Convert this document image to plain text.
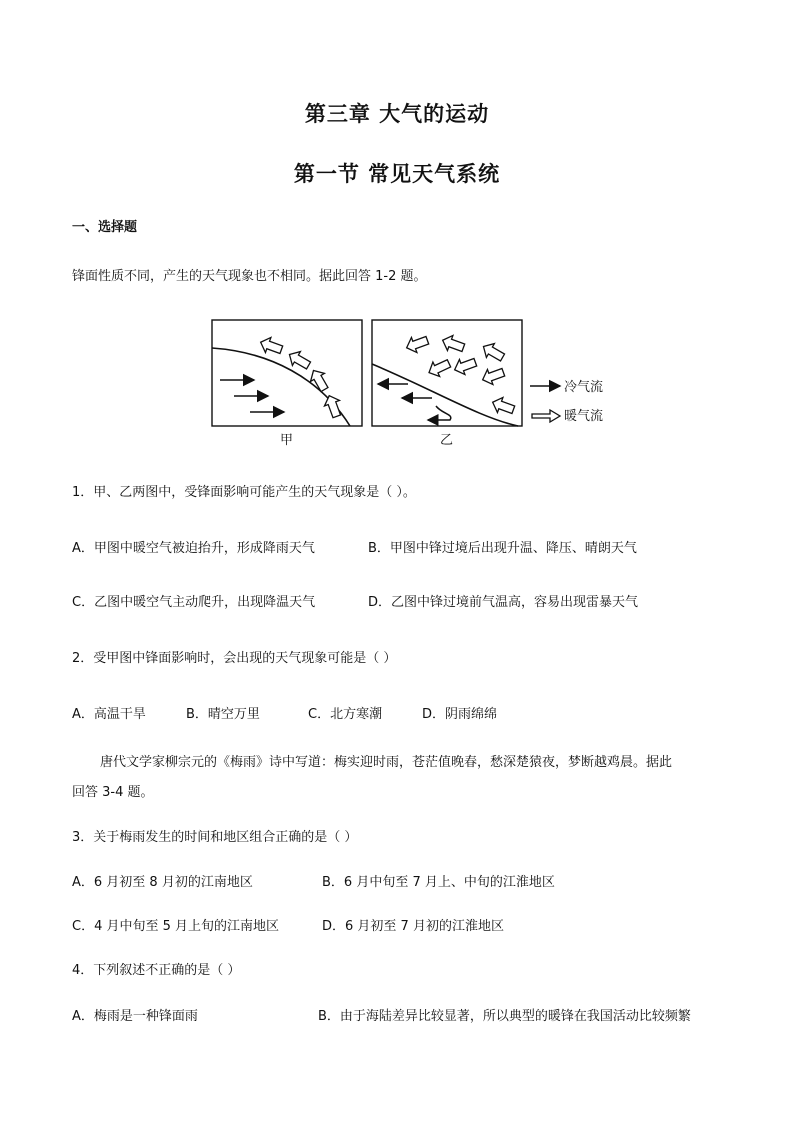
第三章 大气的运动
第一节 常见天气系统
一、选择题
锋面性质不同，产生的天气现象也不相同。据此回答 1-2 题。
甲	乙
冷气流
暖气流
1．甲、乙两图中，受锋面影响可能产生的天气现象是（ ）。
A．甲图中暖空气被迫抬升，形成降雨天气	B．甲图中锋过境后出现升温、降压、晴朗天气
C．乙图中暖空气主动爬升，出现降温天气	D．乙图中锋过境前气温高，容易出现雷暴天气
2．受甲图中锋面影响时，会出现的天气现象可能是（ ）
A．高温干旱	B．晴空万里	C．北方寒潮	D．阴雨绵绵
唐代文学家柳宗元的《梅雨》诗中写道：梅实迎时雨，苍茫值晚春，愁深楚猿夜，梦断越鸡晨。据此
回答 3-4 题。
3．关于梅雨发生的时间和地区组合正确的是（ ）
A．6 月初至 8 月初的江南地区	B．6 月中旬至 7 月上、中旬的江淮地区
C．4 月中旬至 5 月上旬的江南地区	D．6 月初至 7 月初的江淮地区
4．下列叙述不正确的是（ ）
A．梅雨是一种锋面雨	B．由于海陆差异比较显著，所以典型的暖锋在我国活动比较频繁
